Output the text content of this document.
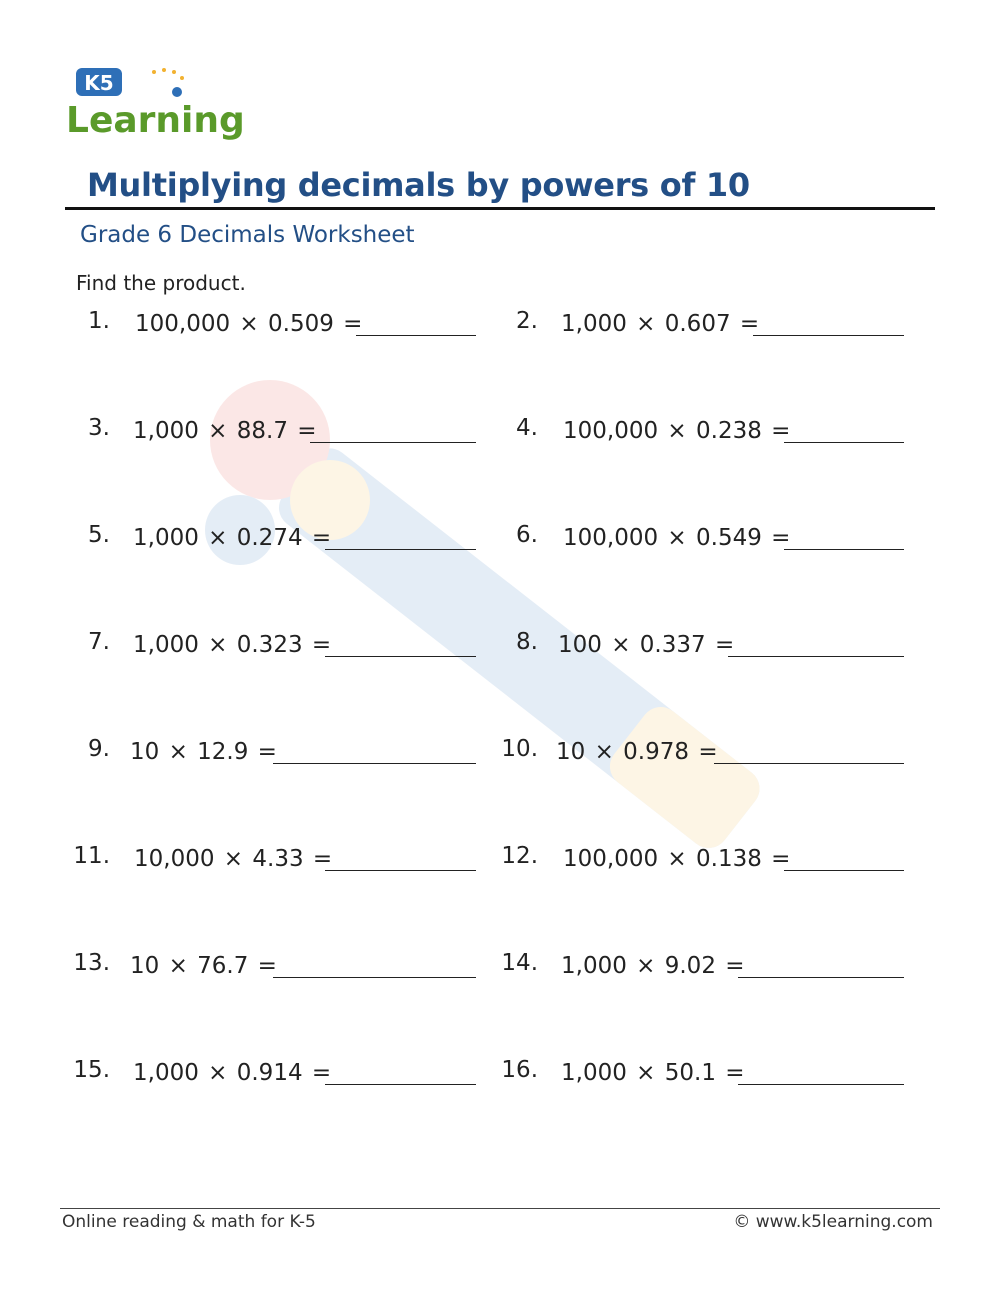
K5
Learning
Multiplying decimals by powers of 10
Grade 6 Decimals Worksheet
Find the product.
1. 100,000 × 0.509 =
3. 1,000 × 88.7 =
5. 1,000 × 0.274 =
7. 1,000 × 0.323 =
9. 10 × 12.9 =
11. 10,000 × 4.33 =
13. 10 × 76.7 =
15. 1,000 × 0.914 =
2. 1,000 × 0.607 =
4. 100,000 × 0.238 =
6. 100,000 × 0.549 =
8. 100 × 0.337 =
10. 10 × 0.978 =
12. 100,000 × 0.138 =
14. 1,000 × 9.02 =
16. 1,000 × 50.1 =
Online reading & math for K-5	© www.k5learning.com
